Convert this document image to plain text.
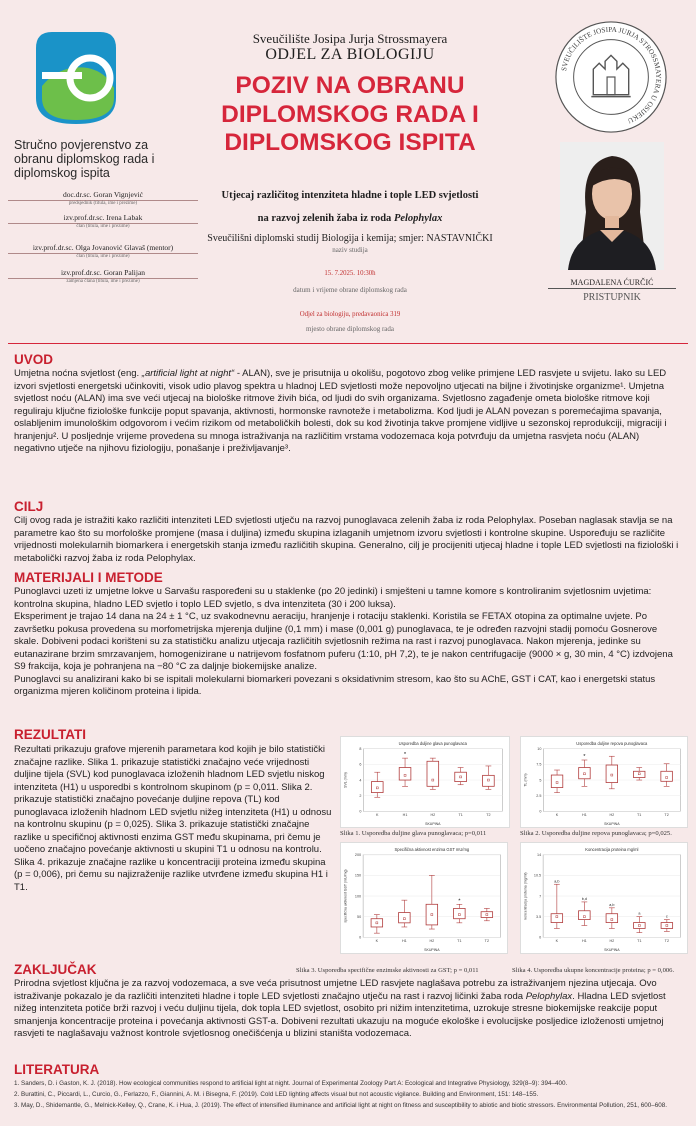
Stručno povjerenstvo za obranu diplomskog rada i diplomskog ispita
doc.dr.sc. Goran Vignjević
predsjednik (titula, ime i prezime)
izv.prof.dr.sc. Irena Labak
član (titula, ime i prezime)
izv.prof.dr.sc. Olga Jovanović Glavaš (mentor)
član (titula, ime i prezime)
izv.prof.dr.sc. Goran Palijan
zamjena člana (titula, ime i prezime)
Sveučilište Josipa Jurja Strossmayera
ODJEL ZA BIOLOGIJU
POZIV NA OBRANU
DIPLOMSKOG RADA I
DIPLOMSKOG ISPITA
Utjecaj različitog intenziteta hladne i tople LED svjetlosti
na razvoj zelenih žaba iz roda Pelophylax
Sveučilišni diplomski studij Biologija i kemija; smjer: NASTAVNIČKI
naziv studija
15. 7.2025. 10:30h
datum i vrijeme obrane diplomskog rada
Odjel za biologiju, predavaonica 319
mjesto obrane diplomskog rada
SVEUČILIŠTE JOSIPA JURJA STROSSMAYERA U OSIJEKU
MAGDALENA ĆURČIĆ
PRISTUPNIK
UVOD
Umjetna noćna svjetlost (eng. „artificial light at night“ - ALAN), sve je prisutnija u okolišu, pogotovo zbog velike primjene LED rasvjete u svijetu. Iako su LED izvori svjetlosti energetski učinkoviti, visok udio plavog spektra u hladnoj LED svjetlosti može nepovoljno utjecati na biljne i životinjske organizme¹. Umjetna svjetlost noću (ALAN) ima sve veći utjecaj na biološke ritmove živih bića, od ljudi do svih organizama. Svjetlosno zagađenje ometa biološke ritmove koji reguliraju ključne fiziološke funkcije poput spavanja, aktivnosti, hormonske ravnoteže i metabolizma. Kod ljudi je ALAN povezan s poremećajima spavanja, oslabljenim imunološkim odgovorom i većim rizikom od metaboličkih bolesti, dok su kod životinja takve promjene vidljive u sezonskoj reprodukciji, migraciji i hranjenju². U posljednje vrijeme provedena su mnoga istraživanja na različitim vrstama vodozemaca koja potvrđuju da umjetna rasvjeta noću (ALAN) negativno utječe na njihovu fiziologiju, ponašanje i preživljavanje³.
CILJ
Cilj ovog rada je istražiti kako različiti intenziteti LED svjetlosti utječu na razvoj punoglavaca zelenih žaba iz roda Pelophylax. Poseban naglasak stavlja se na parametre kao što su morfološke promjene (masa i duljina) između skupina izlaganih umjetnom izvoru svjetlosti i kontrolne skupine. Uspoređuju se različite vrijednosti molekularnih biomarkera i energetskih stanja između različitih skupina. Generalno, cilj je procijeniti utjecaj hladne i tople LED svjetlosti na fiziološki i metabolički razvoj žaba iz roda Pelophylax.
MATERIJALI I METODE
Punoglavci uzeti iz umjetne lokve u Sarvašu raspoređeni su u staklenke (po 20 jedinki) i smješteni u tamne komore s kontroliranim svjetlosnim uvjetima: kontrolna skupina, hladno LED svjetlo i toplo LED svjetlo, s dva intenziteta (30 i 200 luksa).
Eksperiment je trajao 14 dana na 24 ± 1 °C, uz svakodnevnu aeraciju, hranjenje i rotaciju staklenki. Koristila se FETAX otopina za optimalne uvjete. Po završetku pokusa provedena su morfometrijska mjerenja duljine (0,1 mm) i mase (0,001 g) punoglavaca, te je određen razvojni stadij pomoću Gosnerove skale. Dobiveni podaci korišteni su za statističku analizu utjecaja različitih svjetlosnih režima na rast i razvoj punoglavaca. Nakon mjerenja, jedinke su eutanazirane brzim smrzavanjem, homogenizirane u natrijevom fosfatnom puferu (1:10, pH 7,2), te je nakon centrifugacije (9000 × g, 30 min, 4 °C) izdvojena S9 frakcija, koja je pohranjena na −80 °C za daljnje biokemijske analize.
Punoglavci su analizirani kako bi se ispitali molekularni biomarkeri povezani s oksidativnim stresom, kao što su AChE, GST i CAT, kao i energetski status organizma mjeren količinom proteina i lipida.
REZULTATI
Rezultati prikazuju grafove mjerenih parametara kod kojih je bilo statistički značajne razlike. Slika 1. prikazuje statistički značajno veće vrijednosti duljine tijela (SVL) kod punoglavaca izloženih hladnom LED svjetlu niskog intenziteta (H1) u usporedbi s kontrolnom skupinom (p = 0,011. Slika 2. prikazuje statistički značajno povećanje duljine repova (TL) kod punoglavaca izloženih hladnom LED svjetlu nižeg intenziteta (H1) u odnosu na kontrolnu skupinu (p = 0,025). Slika 3. prikazuje statistički značajne razlike u specifičnoj aktivnosti enzima GST među skupinama, pri čemu je uočeno značajno povećanje aktivnosti u skupini T1 u odnosu na kontrolu. Slika 4. prikazuje značajne razlike u koncentraciji proteina između skupina (p = 0,006), pri čemu su najizraženije razlike utvrđene između skupina H1 i T1.
Usporedba duljine glava punoglavaca
SKUPINA
SVL (mm)
0
2
4
6
8
K	H1
*
H2	T1	T2
Slika 1. Usporedba duljine glava punoglavaca; p=0,011
Usporedba duljine repova punoglavaca
SKUPINA
TL (mm)
0
2.5
5
7.5
10
K	H1
*
H2	T1	T2
Slika 2. Usporedba duljine repova punoglavaca; p=0,025.
Specifična aktivnost enzima GST mU/mg
SKUPINA
specifična aktivnost GST (mU/mg)
0
50
100
150
200
K	H1	H2	T1
*
T2
Slika 3. Usporedba specifične enzimske aktivnosti za GST; p = 0,011
Koncentracija proteina mg/ml
SKUPINA
koncentracija proteina (mg/ml)
0
3.5
7
10.5
14
K
a,b
H1
b,d
H2
a,b
T1
a
T2
c
Slika 4. Usporedba ukupne koncentracije proteina; p = 0,006.
ZAKLJUČAK
Prirodna svjetlost ključna je za razvoj vodozemaca, a sve veća prisutnost umjetne LED rasvjete naglašava potrebu za istraživanjem njezina utjecaja. Ovo istraživanje pokazalo je da različiti intenziteti hladne i tople LED svjetlosti značajno utječu na rast i razvoj ličinki žaba roda Pelophylax. Hladna LED svjetlost nižeg intenziteta potiče brži razvoj i veću duljinu tijela, dok topla LED svjetlost, osobito pri nižim intenzitetima, uzrokuje stresne biokemijske reakcije poput smanjenja koncentracije proteina i povećanja aktivnosti GST-a. Dobiveni rezultati ukazuju na moguće ekološke i evolucijske posljedice izloženosti umjetnoj rasvjeti te naglašavaju važnost kontrole svjetlosnog onečišćenja u blizini staništa vodozemaca.
LITERATURA
1. Sanders, D. i Gaston, K. J. (2018). How ecological communities respond to artificial light at night. Journal of Experimental Zoology Part A: Ecological and Integrative Physiology, 329(8–9): 394–400.
2. Burattini, C., Piccardi, L., Curcio, G., Ferlazzo, F., Giannini, A. M. i Bisegna, F. (2019). Cold LED lighting affects visual but not acoustic vigilance. Building and Environment, 151: 148–155.
3. May, D., Shidemantle, G., Melnick-Kelley, Q., Crane, K. i Hua, J. (2019). The effect of intensified illuminance and artificial light at night on fitness and susceptibility to abiotic and biotic stressors. Environmental Pollution, 251, 600–608.
